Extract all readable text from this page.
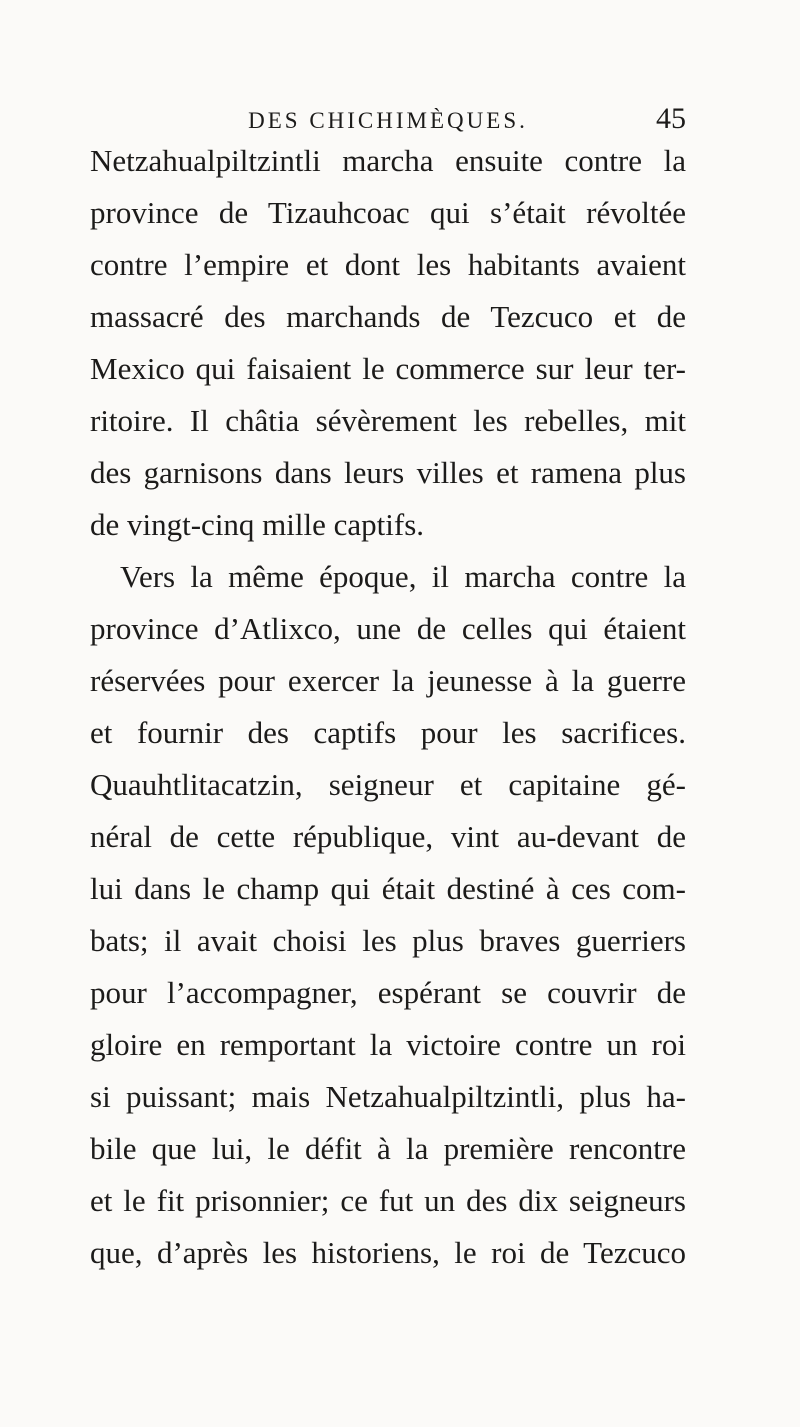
DES CHICHIMÈQUES.	45
Netzahualpiltzintli marcha ensuite contre la
province de Tizauhcoac qui s’était révoltée
contre l’empire et dont les habitants avaient
massacré des marchands de Tezcuco et de
Mexico qui faisaient le commerce sur leur ter-
ritoire. Il châtia sévèrement les rebelles, mit
des garnisons dans leurs villes et ramena plus
de vingt-cinq mille captifs.
Vers la même époque, il marcha contre la
province d’Atlixco, une de celles qui étaient
réservées pour exercer la jeunesse à la guerre
et fournir des captifs pour les sacrifices.
Quauhtlitacatzin, seigneur et capitaine gé-
néral de cette république, vint au-devant de
lui dans le champ qui était destiné à ces com-
bats; il avait choisi les plus braves guerriers
pour l’accompagner, espérant se couvrir de
gloire en remportant la victoire contre un roi
si puissant; mais Netzahualpiltzintli, plus ha-
bile que lui, le défit à la première rencontre
et le fit prisonnier; ce fut un des dix seigneurs
que, d’après les historiens, le roi de Tezcuco
